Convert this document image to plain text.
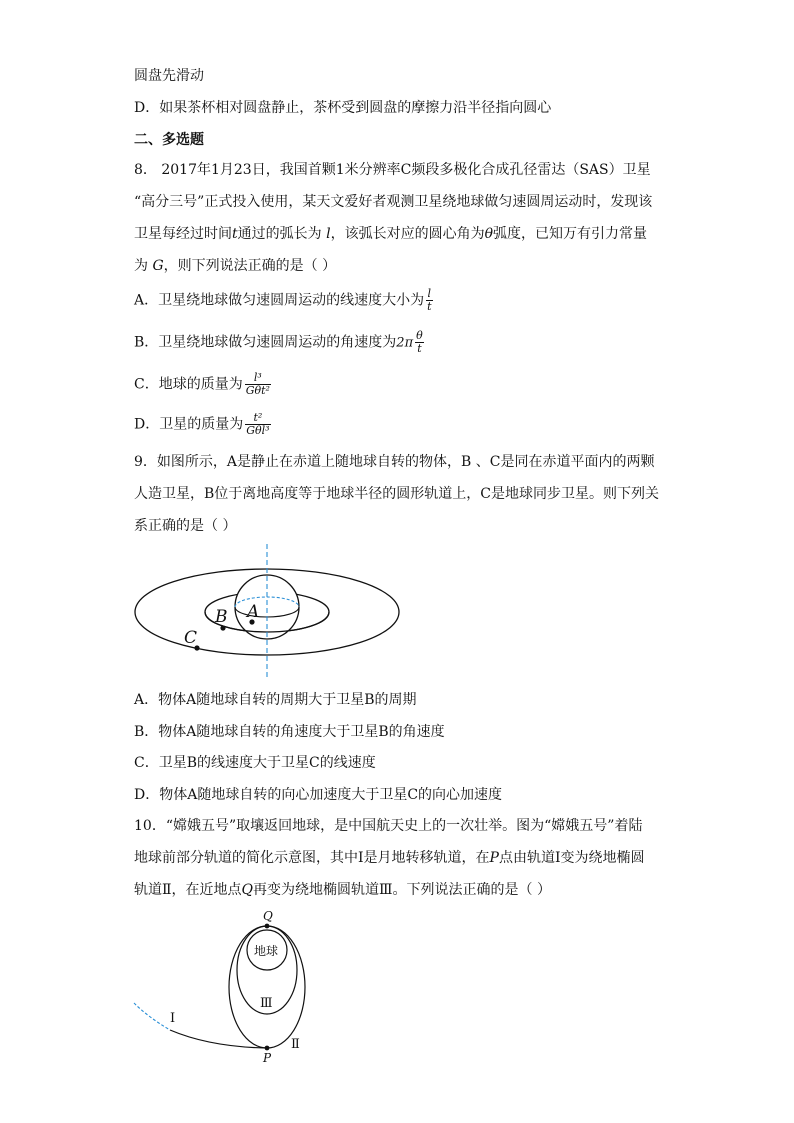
圆盘先滑动
D．如果茶杯相对圆盘静止，茶杯受到圆盘的摩擦力沿半径指向圆心
二、多选题
8． 2017年1月23日，我国首颗1米分辨率C频段多极化合成孔径雷达（SAS）卫星
“高分三号”正式投入使用，某天文爱好者观测卫星绕地球做匀速圆周运动时，发现该
卫星每经过时间t通过的弧长为 l，该弧长对应的圆心角为θ弧度，已知万有引力常量
为 G，则下列说法正确的是（ ）
A．卫星绕地球做匀速圆周运动的线速度大小为 $\frac{l}{t}$
B．卫星绕地球做匀速圆周运动的角速度为$2\pi \frac{\theta}{t}$
C．地球的质量为 $\frac{\text{l³}}{\text{Gθt²}}$
D．卫星的质量为 $\frac{\text{t²}}{\text{Gθl³}}$
9．如图所示，A是静止在赤道上随地球自转的物体，B 、C是同在赤道平面内的两颗
人造卫星，B位于离地高度等于地球半径的圆形轨道上，C是地球同步卫星。则下列关
系正确的是（ ）
A
B
C
A．物体A随地球自转的周期大于卫星B的周期
B．物体A随地球自转的角速度大于卫星B的角速度
C．卫星B的线速度大于卫星C的线速度
D．物体A随地球自转的向心加速度大于卫星C的向心加速度
10．“嫦娥五号”取壤返回地球，是中国航天史上的一次壮举。图为“嫦娥五号”着陆
地球前部分轨道的简化示意图，其中Ⅰ是月地转移轨道，在P点由轨道Ⅰ变为绕地椭圆
轨道Ⅱ，在近地点Q再变为绕地椭圆轨道Ⅲ。下列说法正确的是（ ）
Q
P
地球
Ⅰ
Ⅱ
Ⅲ
